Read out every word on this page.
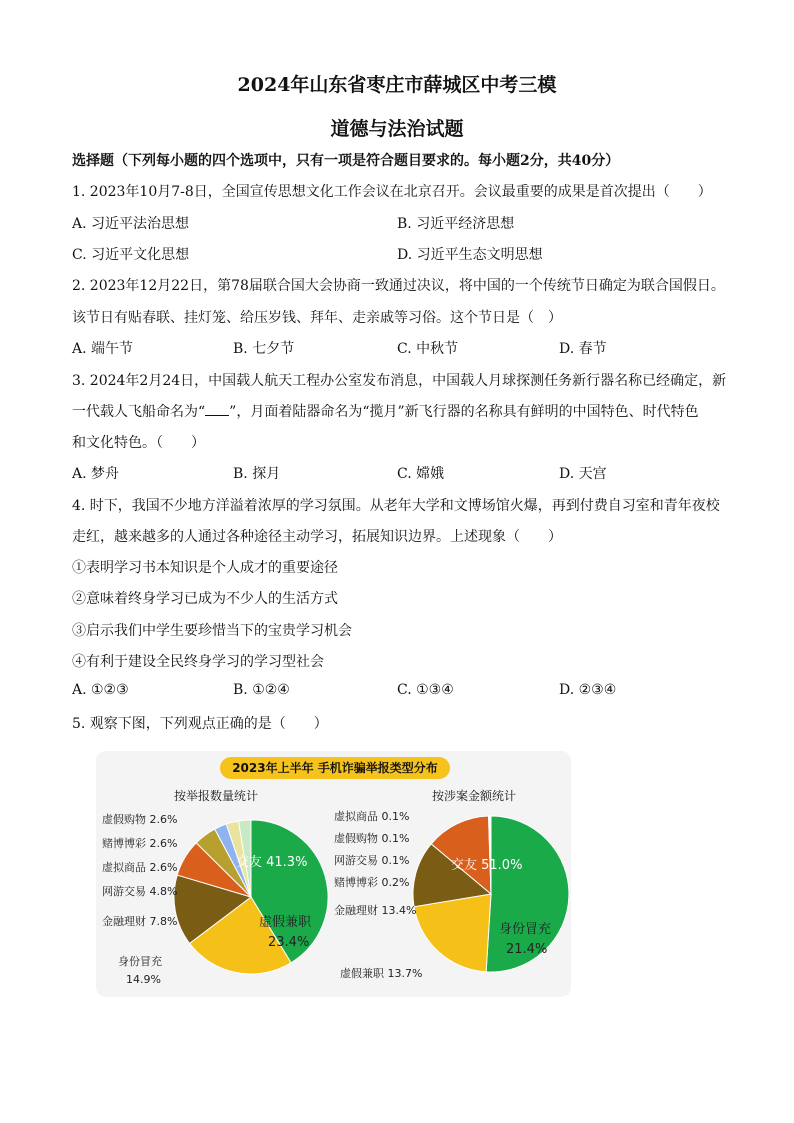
2024年山东省枣庄市薛城区中考三模
道德与法治试题
选择题（下列每小题的四个选项中，只有一项是符合题目要求的。每小题2分，共40分）
1. 2023年10月7-8日，全国宣传思想文化工作会议在北京召开。会议最重要的成果是首次提出（　　）
A. 习近平法治思想	B. 习近平经济思想
C. 习近平文化思想	D. 习近平生态文明思想
2. 2023年12月22日，第78届联合国大会协商一致通过决议，将中国的一个传统节日确定为联合国假日。
该节日有贴春联、挂灯笼、给压岁钱、拜年、走亲戚等习俗。这个节日是（　）
A. 端午节	B. 七夕节	C. 中秋节	D. 春节
3. 2024年2月24日，中国载人航天工程办公室发布消息，中国载人月球探测任务新行器名称已经确定，新
一代载人飞船命名为“ ”，月面着陆器命名为“揽月”新飞行器的名称具有鲜明的中国特色、时代特色
和文化特色。（　　）
A. 梦舟	B. 探月	C. 嫦娥	D. 天宫
4. 时下，我国不少地方洋溢着浓厚的学习氛围。从老年大学和文博场馆火爆，再到付费自习室和青年夜校
走红，越来越多的人通过各种途径主动学习，拓展知识边界。上述现象（　　）
①表明学习书本知识是个人成才的重要途径
②意味着终身学习已成为不少人的生活方式
③启示我们中学生要珍惜当下的宝贵学习机会
④有利于建设全民终身学习的学习型社会
A. ①②③	B. ①②④	C. ①③④	D. ②③④
5. 观察下图，下列观点正确的是（　　）
2023年上半年 手机诈骗举报类型分布
按举报数量统计	按涉案金额统计
交友 41.3%
虚假兼职
23.4%
虚假购物 2.6%
赌博博彩 2.6%
虚拟商品 2.6%
网游交易 4.8%
金融理财 7.8%
身份冒充
14.9%
交友 51.0%
身份冒充
21.4%
虚假兼职 13.7%
金融理财 13.4%
赌博博彩 0.2%
网游交易 0.1%
虚假购物 0.1%
虚拟商品 0.1%
